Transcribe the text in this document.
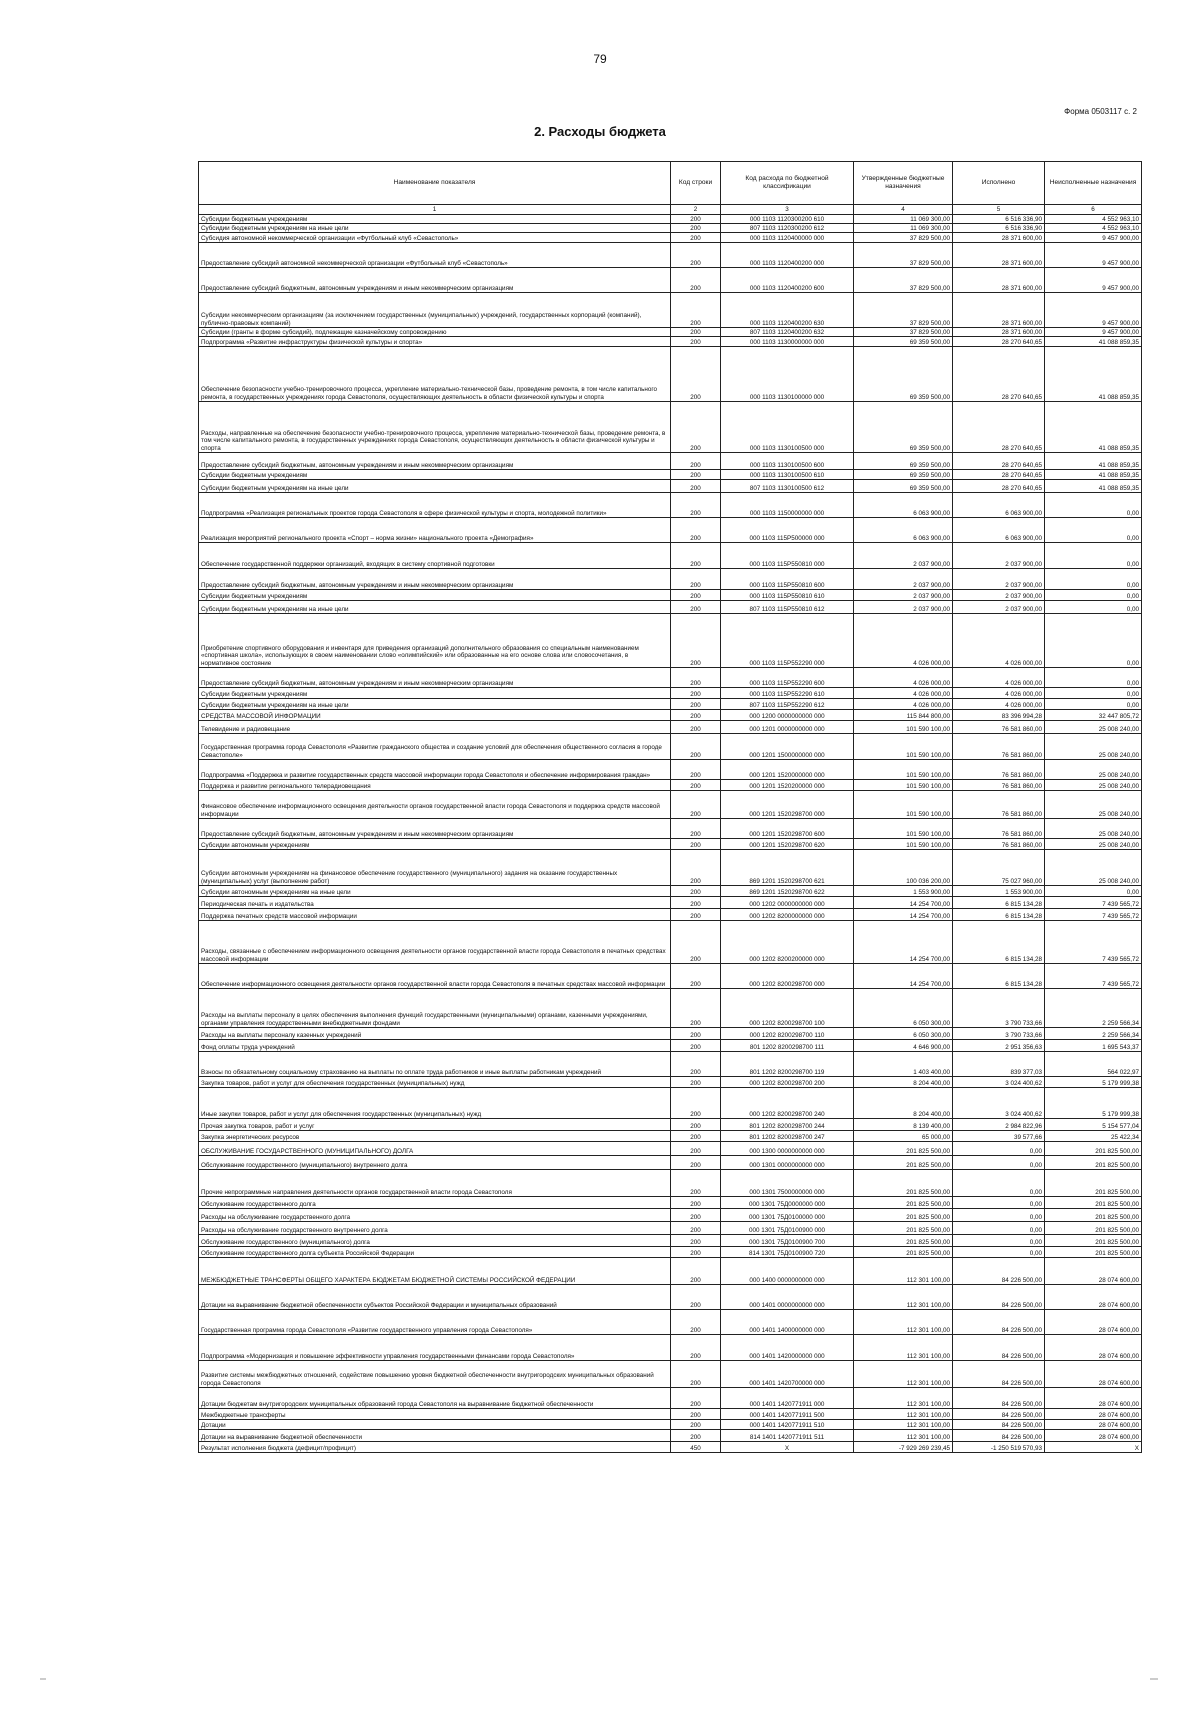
79
Форма 0503117 с. 2
2. Расходы бюджета
Наименование показателя	Код строки	Код расхода по бюджетной классификации	Утвержденные бюджетные назначения	Исполнено	Неисполненные назначения
1	2	3	4	5	6
Субсидии бюджетным учреждениям	200	000 1103 1120300200 610	11 069 300,00	6 516 336,90	4 552 963,10
Субсидии бюджетным учреждениям на иные цели	200	807 1103 1120300200 612	11 069 300,00	6 516 336,90	4 552 963,10
Субсидия автономной некоммерческой организации «Футбольный клуб «Севастополь»	200	000 1103 1120400000 000	37 829 500,00	28 371 600,00	9 457 900,00
Предоставление субсидий автономной некоммерческой организации «Футбольный клуб «Севастополь»	200	000 1103 1120400200 000	37 829 500,00	28 371 600,00	9 457 900,00
Предоставление субсидий бюджетным, автономным учреждениям и иным некоммерческим организациям	200	000 1103 1120400200 600	37 829 500,00	28 371 600,00	9 457 900,00
Субсидии некоммерческим организациям (за исключением государственных (муниципальных) учреждений, государственных корпораций (компаний), публично-правовых компаний)	200	000 1103 1120400200 630	37 829 500,00	28 371 600,00	9 457 900,00
Субсидии (гранты в форме субсидий), подлежащие казначейскому сопровождению	200	807 1103 1120400200 632	37 829 500,00	28 371 600,00	9 457 900,00
Подпрограмма «Развитие инфраструктуры физической культуры и спорта»	200	000 1103 1130000000 000	69 359 500,00	28 270 640,65	41 088 859,35
Обеспечение безопасности учебно-тренировочного процесса, укрепление материально-технической базы, проведение ремонта, в том числе капитального ремонта, в государственных учреждениях города Севастополя, осуществляющих деятельность в области физической культуры и спорта	200	000 1103 1130100000 000	69 359 500,00	28 270 640,65	41 088 859,35
Расходы, направленные на обеспечение безопасности учебно-тренировочного процесса, укрепление материально-технической базы, проведение ремонта, в том числе капитального ремонта, в государственных учреждениях города Севастополя, осуществляющих деятельность в области физической культуры и спорта	200	000 1103 1130100500 000	69 359 500,00	28 270 640,65	41 088 859,35
Предоставление субсидий бюджетным, автономным учреждениям и иным некоммерческим организациям	200	000 1103 1130100500 600	69 359 500,00	28 270 640,65	41 088 859,35
Субсидии бюджетным учреждениям	200	000 1103 1130100500 610	69 359 500,00	28 270 640,65	41 088 859,35
Субсидии бюджетным учреждениям на иные цели	200	807 1103 1130100500 612	69 359 500,00	28 270 640,65	41 088 859,35
Подпрограмма «Реализация региональных проектов города Севастополя в сфере физической культуры и спорта, молодежной политики»	200	000 1103 1150000000 000	6 063 900,00	6 063 900,00	0,00
Реализация мероприятий регионального проекта «Спорт – норма жизни» национального проекта «Демография»	200	000 1103 115P500000 000	6 063 900,00	6 063 900,00	0,00
Обеспечение государственной поддержки организаций, входящих в систему спортивной подготовки	200	000 1103 115P550810 000	2 037 900,00	2 037 900,00	0,00
Предоставление субсидий бюджетным, автономным учреждениям и иным некоммерческим организациям	200	000 1103 115P550810 600	2 037 900,00	2 037 900,00	0,00
Субсидии бюджетным учреждениям	200	000 1103 115P550810 610	2 037 900,00	2 037 900,00	0,00
Субсидии бюджетным учреждениям на иные цели	200	807 1103 115P550810 612	2 037 900,00	2 037 900,00	0,00
Приобретение спортивного оборудования и инвентаря для приведения организаций дополнительного образования со специальным наименованием «спортивная школа», использующих в своем наименовании слово «олимпийский» или образованные на его основе слова или словосочетания, в нормативное состояние	200	000 1103 115P552290 000	4 026 000,00	4 026 000,00	0,00
Предоставление субсидий бюджетным, автономным учреждениям и иным некоммерческим организациям	200	000 1103 115P552290 600	4 026 000,00	4 026 000,00	0,00
Субсидии бюджетным учреждениям	200	000 1103 115P552290 610	4 026 000,00	4 026 000,00	0,00
Субсидии бюджетным учреждениям на иные цели	200	807 1103 115P552290 612	4 026 000,00	4 026 000,00	0,00
СРЕДСТВА МАССОВОЙ ИНФОРМАЦИИ	200	000 1200 0000000000 000	115 844 800,00	83 396 994,28	32 447 805,72
Телевидение и радиовещание	200	000 1201 0000000000 000	101 590 100,00	76 581 860,00	25 008 240,00
Государственная программа города Севастополя «Развитие гражданского общества и создание условий для обеспечения общественного согласия в городе Севастополе»	200	000 1201 1500000000 000	101 590 100,00	76 581 860,00	25 008 240,00
Подпрограмма «Поддержка и развитие государственных средств массовой информации города Севастополя и обеспечение информирования граждан»	200	000 1201 1520000000 000	101 590 100,00	76 581 860,00	25 008 240,00
Поддержка и развитие регионального телерадиовещания	200	000 1201 1520200000 000	101 590 100,00	76 581 860,00	25 008 240,00
Финансовое обеспечение информационного освещения деятельности органов государственной власти города Севастополя и поддержка средств массовой информации	200	000 1201 1520298700 000	101 590 100,00	76 581 860,00	25 008 240,00
Предоставление субсидий бюджетным, автономным учреждениям и иным некоммерческим организациям	200	000 1201 1520298700 600	101 590 100,00	76 581 860,00	25 008 240,00
Субсидии автономным учреждениям	200	000 1201 1520298700 620	101 590 100,00	76 581 860,00	25 008 240,00
Субсидии автономным учреждениям на финансовое обеспечение государственного (муниципального) задания на оказание государственных (муниципальных) услуг (выполнение работ)	200	869 1201 1520298700 621	100 036 200,00	75 027 960,00	25 008 240,00
Субсидии автономным учреждениям на иные цели	200	869 1201 1520298700 622	1 553 900,00	1 553 900,00	0,00
Периодическая печать и издательства	200	000 1202 0000000000 000	14 254 700,00	6 815 134,28	7 439 565,72
Поддержка печатных средств массовой информации	200	000 1202 8200000000 000	14 254 700,00	6 815 134,28	7 439 565,72
Расходы, связанные с обеспечением информационного освещения деятельности органов государственной власти города Севастополя в печатных средствах массовой информации	200	000 1202 8200200000 000	14 254 700,00	6 815 134,28	7 439 565,72
Обеспечение информационного освещения деятельности органов государственной власти города Севастополя в печатных средствах массовой информации	200	000 1202 8200298700 000	14 254 700,00	6 815 134,28	7 439 565,72
Расходы на выплаты персоналу в целях обеспечения выполнения функций государственными (муниципальными) органами, казенными учреждениями, органами управления государственными внебюджетными фондами	200	000 1202 8200298700 100	6 050 300,00	3 790 733,66	2 259 566,34
Расходы на выплаты персоналу казенных учреждений	200	000 1202 8200298700 110	6 050 300,00	3 790 733,66	2 259 566,34
Фонд оплаты труда учреждений	200	801 1202 8200298700 111	4 646 900,00	2 951 356,63	1 695 543,37
Взносы по обязательному социальному страхованию на выплаты по оплате труда работников и иные выплаты работникам учреждений	200	801 1202 8200298700 119	1 403 400,00	839 377,03	564 022,97
Закупка товаров, работ и услуг для обеспечения государственных (муниципальных) нужд	200	000 1202 8200298700 200	8 204 400,00	3 024 400,62	5 179 999,38
Иные закупки товаров, работ и услуг для обеспечения государственных (муниципальных) нужд	200	000 1202 8200298700 240	8 204 400,00	3 024 400,62	5 179 999,38
Прочая закупка товаров, работ и услуг	200	801 1202 8200298700 244	8 139 400,00	2 984 822,96	5 154 577,04
Закупка энергетических ресурсов	200	801 1202 8200298700 247	65 000,00	39 577,66	25 422,34
ОБСЛУЖИВАНИЕ ГОСУДАРСТВЕННОГО (МУНИЦИПАЛЬНОГО) ДОЛГА	200	000 1300 0000000000 000	201 825 500,00	0,00	201 825 500,00
Обслуживание государственного (муниципального) внутреннего долга	200	000 1301 0000000000 000	201 825 500,00	0,00	201 825 500,00
Прочие непрограммные направления деятельности органов государственной власти города Севастополя	200	000 1301 7500000000 000	201 825 500,00	0,00	201 825 500,00
Обслуживание государственного долга	200	000 1301 75Д0000000 000	201 825 500,00	0,00	201 825 500,00
Расходы на обслуживание государственного долга	200	000 1301 75Д0100000 000	201 825 500,00	0,00	201 825 500,00
Расходы на обслуживание государственного внутреннего долга	200	000 1301 75Д0100900 000	201 825 500,00	0,00	201 825 500,00
Обслуживание государственного (муниципального) долга	200	000 1301 75Д0100900 700	201 825 500,00	0,00	201 825 500,00
Обслуживание государственного долга субъекта Российской Федерации	200	814 1301 75Д0100900 720	201 825 500,00	0,00	201 825 500,00
МЕЖБЮДЖЕТНЫЕ ТРАНСФЕРТЫ ОБЩЕГО ХАРАКТЕРА БЮДЖЕТАМ БЮДЖЕТНОЙ СИСТЕМЫ РОССИЙСКОЙ ФЕДЕРАЦИИ	200	000 1400 0000000000 000	112 301 100,00	84 226 500,00	28 074 600,00
Дотации на выравнивание бюджетной обеспеченности субъектов Российской Федерации и муниципальных образований	200	000 1401 0000000000 000	112 301 100,00	84 226 500,00	28 074 600,00
Государственная программа города Севастополя «Развитие государственного управления города Севастополя»	200	000 1401 1400000000 000	112 301 100,00	84 226 500,00	28 074 600,00
Подпрограмма «Модернизация и повышение эффективности управления государственными финансами города Севастополя»	200	000 1401 1420000000 000	112 301 100,00	84 226 500,00	28 074 600,00
Развитие системы межбюджетных отношений, содействие повышению уровня бюджетной обеспеченности внутригородских муниципальных образований города Севастополя	200	000 1401 1420700000 000	112 301 100,00	84 226 500,00	28 074 600,00
Дотации бюджетам внутригородских муниципальных образований города Севастополя на выравнивание бюджетной обеспеченности	200	000 1401 1420771911 000	112 301 100,00	84 226 500,00	28 074 600,00
Межбюджетные трансферты	200	000 1401 1420771911 500	112 301 100,00	84 226 500,00	28 074 600,00
Дотации	200	000 1401 1420771911 510	112 301 100,00	84 226 500,00	28 074 600,00
Дотации на выравнивание бюджетной обеспеченности	200	814 1401 1420771911 511	112 301 100,00	84 226 500,00	28 074 600,00
Результат исполнения бюджета (дефицит/профицит)	450	X	-7 929 269 239,45	-1 250 519 570,93	X
